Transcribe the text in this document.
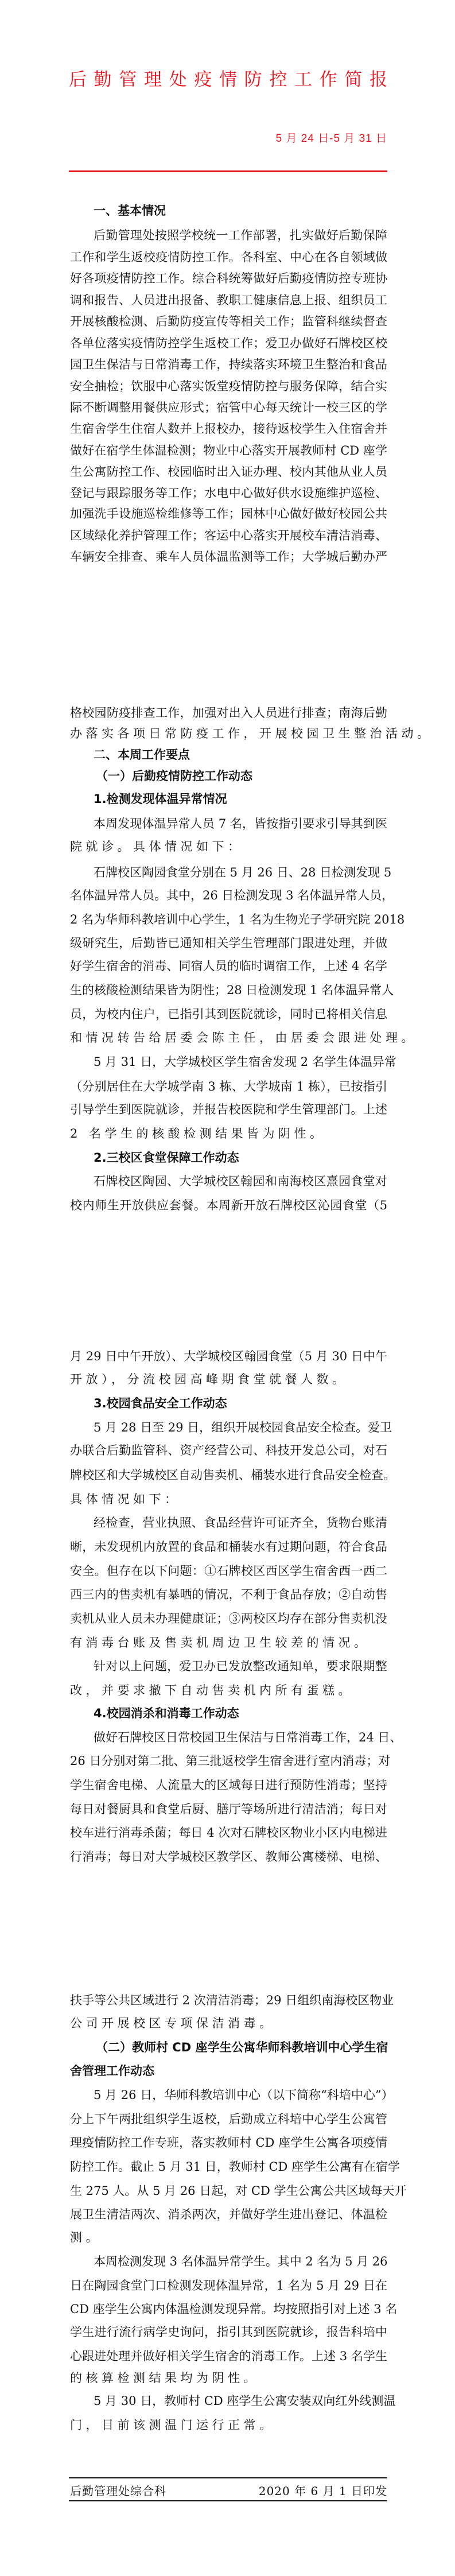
后勤管理处疫情防控工作简报
5 月 24 日-5 月 31 日
一、基本情况
后勤管理处按照学校统一工作部署，扎实做好后勤保障
工作和学生返校疫情防控工作。各科室、中心在各自领域做
好各项疫情防控工作。综合科统筹做好后勤疫情防控专班协
调和报告、人员进出报备、教职工健康信息上报、组织员工
开展核酸检测、后勤防疫宣传等相关工作；监管科继续督查
各单位落实疫情防控学生返校工作；爱卫办做好石牌校区校
园卫生保洁与日常消毒工作，持续落实环境卫生整治和食品
安全抽检；饮服中心落实饭堂疫情防控与服务保障，结合实
际不断调整用餐供应形式；宿管中心每天统计一校三区的学
生宿舍学生住宿人数并上报校办，接待返校学生入住宿舍并
做好在宿学生体温检测；物业中心落实开展教师村 CD 座学
生公寓防控工作、校园临时出入证办理、校内其他从业人员
登记与跟踪服务等工作；水电中心做好供水设施维护巡检、
加强洗手设施巡检维修等工作；园林中心做好做好校园公共
区域绿化养护管理工作；客运中心落实开展校车清洁消毒、
车辆安全排查、乘车人员体温监测等工作；大学城后勤办严
格校园防疫排查工作，加强对出入人员进行排查；南海后勤
办落实各项日常防疫工作，开展校园卫生整治活动。
二、本周工作要点
（一）后勤疫情防控工作动态
1.检测发现体温异常情况
本周发现体温异常人员 7 名，皆按指引要求引导其到医
院就诊。具体情况如下：
石牌校区陶园食堂分别在 5 月 26 日、28 日检测发现 5
名体温异常人员。其中，26 日检测发现 3 名体温异常人员，
2 名为华师科教培训中心学生，1 名为生物光子学研究院 2018
级研究生，后勤皆已通知相关学生管理部门跟进处理，并做
好学生宿舍的消毒、同宿人员的临时调宿工作，上述 4 名学
生的核酸检测结果皆为阴性；28 日检测发现 1 名体温异常人
员，为校内住户，已指引其到医院就诊，同时已将相关信息
和情况转告给居委会陈主任，由居委会跟进处理。
5 月 31 日，大学城校区学生宿舍发现 2 名学生体温异常
（分别居住在大学城学南 3 栋、大学城南 1 栋），已按指引
引导学生到医院就诊，并报告校医院和学生管理部门。上述
2 名学生的核酸检测结果皆为阴性。
2.三校区食堂保障工作动态
石牌校区陶园、大学城校区翰园和南海校区熹园食堂对
校内师生开放供应套餐。本周新开放石牌校区沁园食堂（5
月 29 日中午开放）、大学城校区翰园食堂（5 月 30 日中午
开放），分流校园高峰期食堂就餐人数。
3.校园食品安全工作动态
5 月 28 日至 29 日，组织开展校园食品安全检查。爱卫
办联合后勤监管科、资产经营公司、科技开发总公司，对石
牌校区和大学城校区自动售卖机、桶装水进行食品安全检查。
具体情况如下：
经检查，营业执照、食品经营许可证齐全，货物台账清
晰，未发现机内放置的食品和桶装水有过期问题，符合食品
安全。但存在以下问题：①石牌校区西区学生宿舍西一西二
西三内的售卖机有暴晒的情况，不利于食品存放；②自动售
卖机从业人员未办理健康证；③两校区均存在部分售卖机没
有消毒台账及售卖机周边卫生较差的情况。
针对以上问题，爱卫办已发放整改通知单，要求限期整
改，并要求撤下自动售卖机内所有蛋糕。
4.校园消杀和消毒工作动态
做好石牌校区日常校园卫生保洁与日常消毒工作，24 日、
26 日分别对第二批、第三批返校学生宿舍进行室内消毒；对
学生宿舍电梯、人流量大的区域每日进行预防性消毒；坚持
每日对餐厨具和食堂后厨、膳厅等场所进行清洁消；每日对
校车进行消毒杀菌；每日 4 次对石牌校区物业小区内电梯进
行消毒；每日对大学城校区教学区、教师公寓楼梯、电梯、
扶手等公共区域进行 2 次清洁消毒；29 日组织南海校区物业
公司开展校区专项保洁消毒。
（二）教师村 CD 座学生公寓华师科教培训中心学生宿
舍管理工作动态
5 月 26 日，华师科教培训中心（以下简称“科培中心”）
分上下午两批组织学生返校，后勤成立科培中心学生公寓管
理疫情防控工作专班，落实教师村 CD 座学生公寓各项疫情
防控工作。截止 5 月 31 日，教师村 CD 座学生公寓有在宿学
生 275 人。从 5 月 26 日起，对 CD 学生公寓公共区域每天开
展卫生清洁两次、消杀两次，并做好学生进出登记、体温检
测。
本周检测发现 3 名体温异常学生。其中 2 名为 5 月 26
日在陶园食堂门口检测发现体温异常，1 名为 5 月 29 日在
CD 座学生公寓内体温检测发现异常。均按照指引对上述 3 名
学生进行流行病学史询问，指引其到医院就诊，报告科培中
心跟进处理并做好相关学生宿舍的消毒工作。上述 3 名学生
的核算检测结果均为阴性。
5 月 30 日，教师村 CD 座学生公寓安装双向红外线测温
门，目前该测温门运行正常。
后勤管理处综合科	2020 年 6 月 1 日印发
